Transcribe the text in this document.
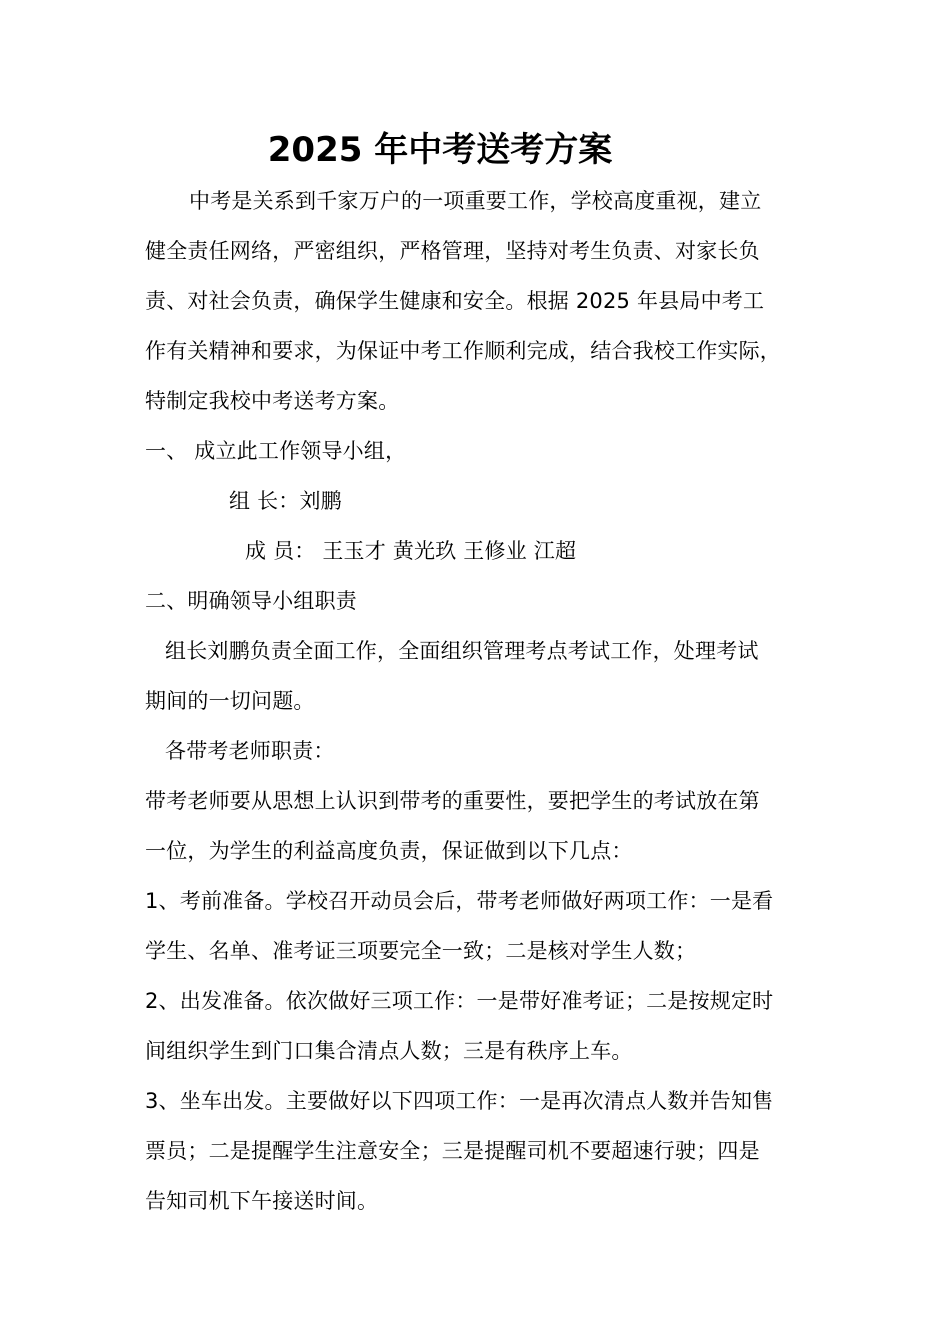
2025 年中考送考方案
中考是关系到千家万户的一项重要工作，学校高度重视，建立
健全责任网络，严密组织，严格管理，坚持对考生负责、对家长负
责、对社会负责，确保学生健康和安全。根据 2025 年县局中考工
作有关精神和要求，为保证中考工作顺利完成，结合我校工作实际，
特制定我校中考送考方案。
一、 成立此工作领导小组，
组 长：刘鹏
成 员： 王玉才 黄光玖 王修业 江超
二、明确领导小组职责
组长刘鹏负责全面工作，全面组织管理考点考试工作，处理考试
期间的一切问题。
各带考老师职责：
带考老师要从思想上认识到带考的重要性，要把学生的考试放在第
一位，为学生的利益高度负责，保证做到以下几点：
1、考前准备。学校召开动员会后，带考老师做好两项工作：一是看
学生、名单、准考证三项要完全一致；二是核对学生人数；
2、出发准备。依次做好三项工作：一是带好准考证；二是按规定时
间组织学生到门口集合清点人数；三是有秩序上车。
3、坐车出发。主要做好以下四项工作：一是再次清点人数并告知售
票员；二是提醒学生注意安全；三是提醒司机不要超速行驶；四是
告知司机下午接送时间。
